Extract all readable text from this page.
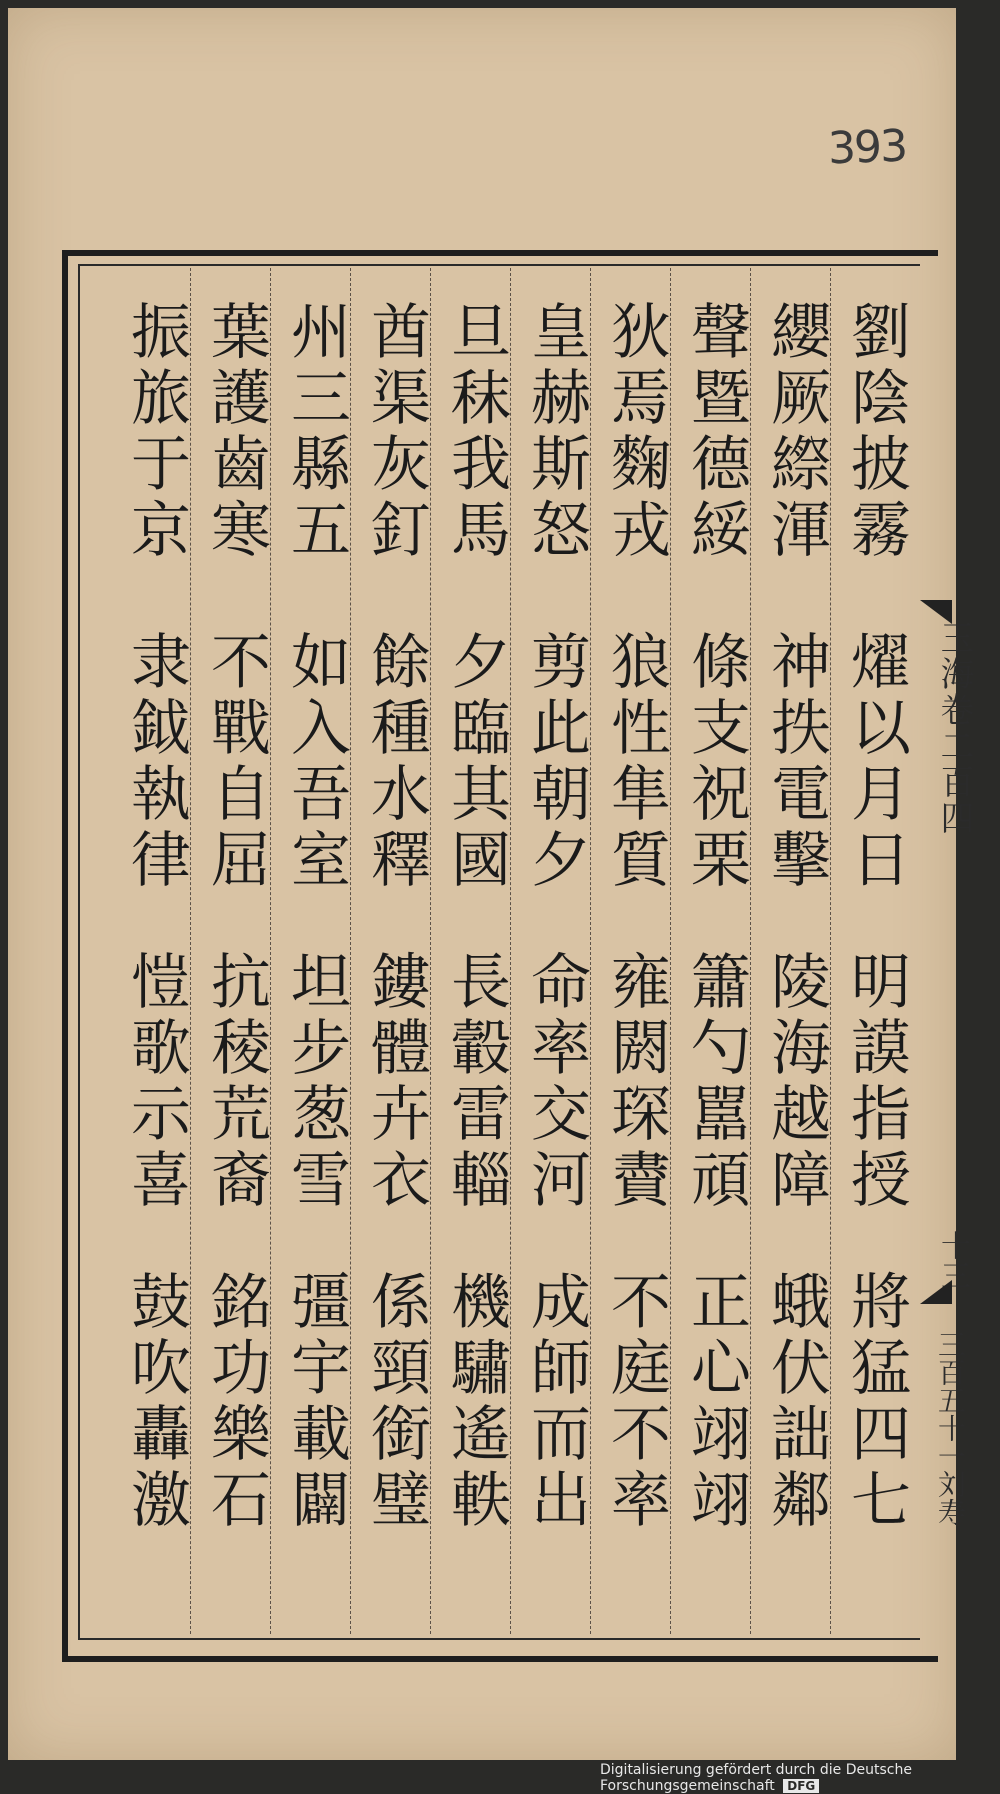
393
玉海卷二百四
十三
三百五十一刘寿
劉陰披霧
燿以月日
明謨指授
將猛四七
纓厥縩渾
神抶電擊
陵海越障
蛾伏詘鄰
聲暨德綏
條支祝栗
簫勺嚚頑
正心翊翊
狄焉麴戎
狼性隼質
雍閼琛賮
不庭不率
皇赫斯怒
剪此朝夕
命率交河
成師而出
旦秣我馬
夕臨其國
長轂雷輜
機驌遙軼
酋渠灰釘
餘種水釋
鏤體卉衣
係頸銜璧
州三縣五
如入吾室
坦步葱雪
彊宇載闢
葉護齒寒
不戰自屈
抗稜荒裔
銘功樂石
振旅于京
隶鉞執律
愷歌示喜
鼓吹轟激
Digitalisierung gefördert durch die Deutsche Forschungsgemeinschaft DFG
